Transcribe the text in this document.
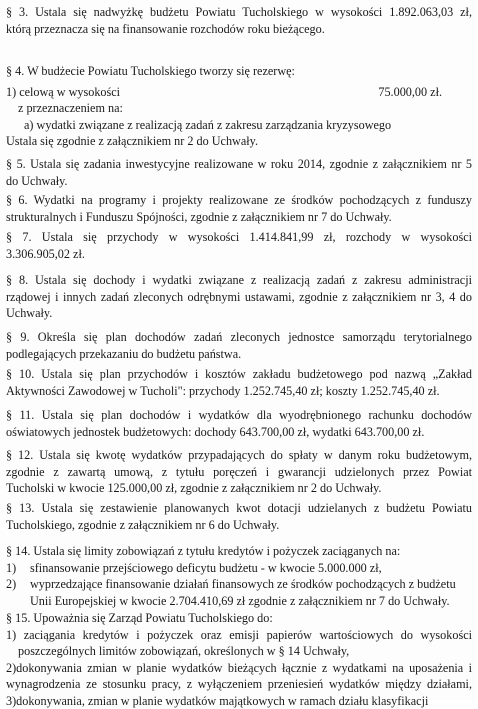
§ 3. Ustala się nadwyżkę budżetu Powiatu Tucholskiego w wysokości 1.892.063,03 zł,
którą przeznacza się na finansowanie rozchodów roku bieżącego.
§ 4. W budżecie Powiatu Tucholskiego tworzy się rezerwę:
1) celową w wysokości	75.000,00 zł.
z przeznaczeniem na:
a) wydatki związane z realizacją zadań z zakresu zarządzania kryzysowego
Ustala się zgodnie z załącznikiem nr 2 do Uchwały.
§ 5. Ustala się zadania inwestycyjne realizowane w roku 2014, zgodnie z załącznikiem nr 5
do Uchwały.
§ 6. Wydatki na programy i projekty realizowane ze środków pochodzących z funduszy
strukturalnych i Funduszu Spójności, zgodnie z załącznikiem nr 7 do Uchwały.
§ 7. Ustala się przychody w wysokości 1.414.841,99 zł, rozchody w wysokości
3.306.905,02 zł.
§ 8. Ustala się dochody i wydatki związane z realizacją zadań z zakresu administracji
rządowej i innych zadań zleconych odrębnymi ustawami, zgodnie z załącznikiem nr 3, 4 do
Uchwały.
§ 9. Określa się plan dochodów zadań zleconych jednostce samorządu terytorialnego
podlegających przekazaniu do budżetu państwa.
§ 10. Ustala się plan przychodów i kosztów zakładu budżetowego pod nazwą „Zakład
Aktywności Zawodowej w Tucholi": przychody 1.252.745,40 zł; koszty 1.252.745,40 zł.
§ 11. Ustala się plan dochodów i wydatków dla wyodrębnionego rachunku dochodów
oświatowych jednostek budżetowych: dochody 643.700,00 zł, wydatki 643.700,00 zł.
§ 12. Ustala się kwotę wydatków przypadających do spłaty w danym roku budżetowym,
zgodnie z zawartą umową, z tytułu poręczeń i gwarancji udzielonych przez Powiat
Tucholski w kwocie 125.000,00 zł, zgodnie z załącznikiem nr 2 do Uchwały.
§ 13. Ustala się zestawienie planowanych kwot dotacji udzielanych z budżetu Powiatu
Tucholskiego, zgodnie z załącznikiem nr 6 do Uchwały.
§ 14. Ustala się limity zobowiązań z tytułu kredytów i pożyczek zaciąganych na:
1)	sfinansowanie przejściowego deficytu budżetu - w kwocie 5.000.000 zł,
2)	wyprzedzające finansowanie działań finansowych ze środków pochodzących z budżetu
Unii Europejskiej w kwocie 2.704.410,69 zł zgodnie z załącznikiem nr 7 do Uchwały.
§ 15. Upoważnia się Zarząd Powiatu Tucholskiego do:
1) zaciągania kredytów i pożyczek oraz emisji papierów wartościowych do wysokości
poszczególnych limitów zobowiązań, określonych w § 14 Uchwały,
2)dokonywania zmian w planie wydatków bieżących łącznie z wydatkami na uposażenia i
wynagrodzenia ze stosunku pracy, z wyłączeniem przeniesień wydatków między działami,
3)dokonywania, zmian w planie wydatków majątkowych w ramach działu klasyfikacji
